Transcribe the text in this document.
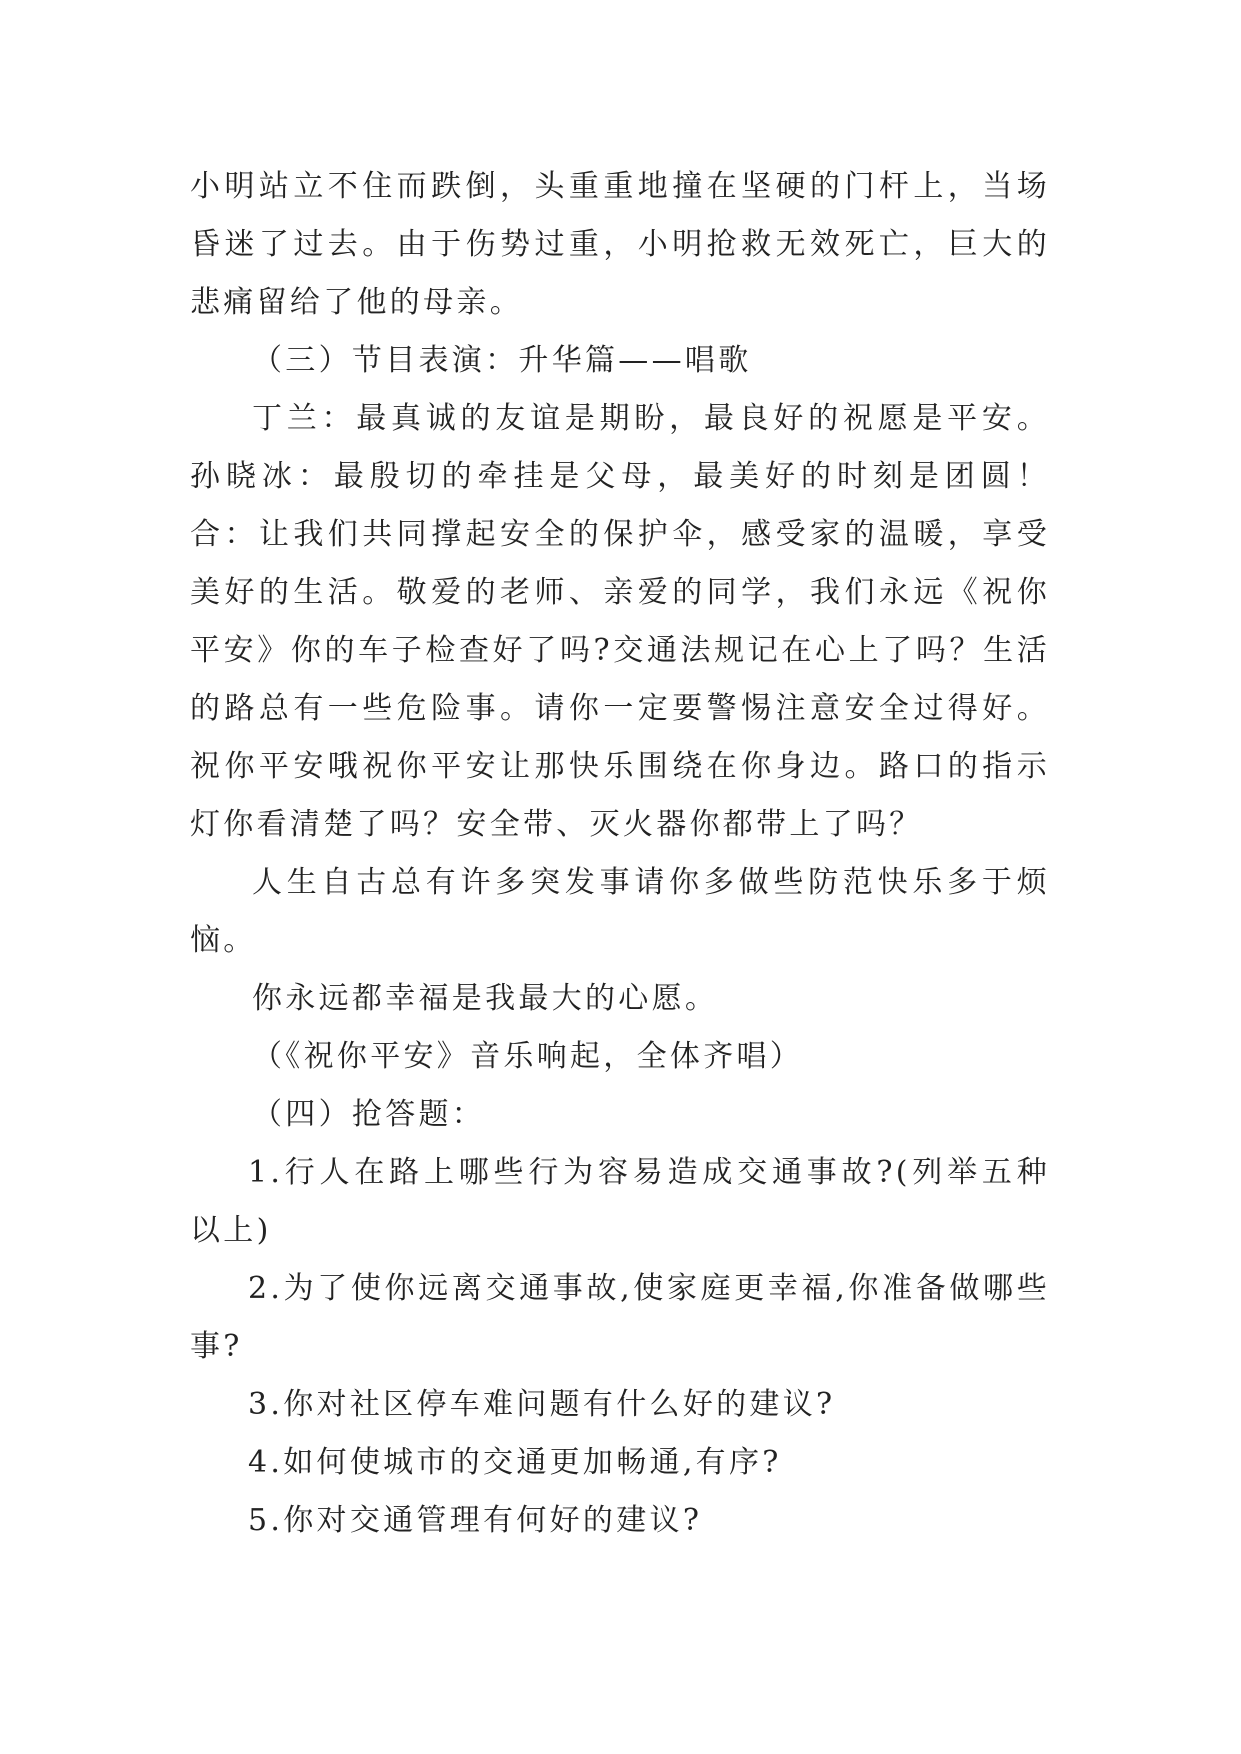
小明站立不住而跌倒，头重重地撞在坚硬的门杆上，当场昏迷了过去。由于伤势过重，小明抢救无效死亡，巨大的悲痛留给了他的母亲。

（三）节目表演：升华篇——唱歌

丁兰：最真诚的友谊是期盼，最良好的祝愿是平安。孙晓冰：最殷切的牵挂是父母，最美好的时刻是团圆！合：让我们共同撑起安全的保护伞，感受家的温暖，享受美好的生活。敬爱的老师、亲爱的同学，我们永远《祝你平安》你的车子检查好了吗?交通法规记在心上了吗？生活的路总有一些危险事。请你一定要警惕注意安全过得好。祝你平安哦祝你平安让那快乐围绕在你身边。路口的指示灯你看清楚了吗？安全带、灭火器你都带上了吗？

人生自古总有许多突发事请你多做些防范快乐多于烦恼。

你永远都幸福是我最大的心愿。

（《祝你平安》音乐响起，全体齐唱）

（四）抢答题：

1.行人在路上哪些行为容易造成交通事故?(列举五种以上)

2.为了使你远离交通事故,使家庭更幸福,你准备做哪些事?

3.你对社区停车难问题有什么好的建议?

4.如何使城市的交通更加畅通,有序?

5.你对交通管理有何好的建议?
